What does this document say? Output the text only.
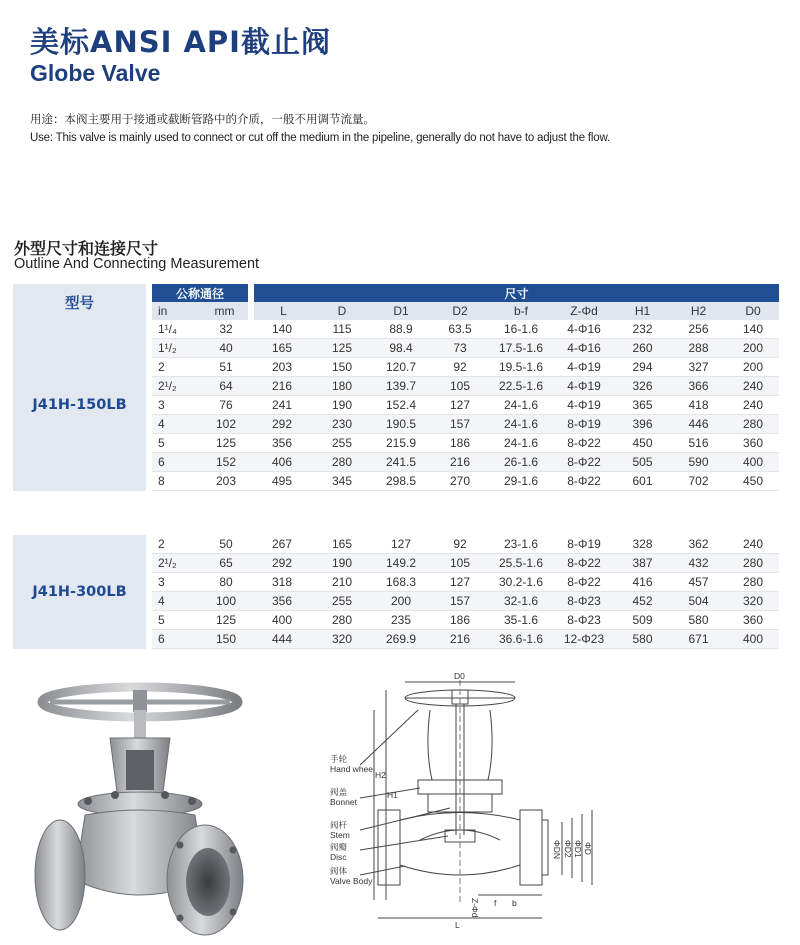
美标ANSI API截止阀
Globe Valve
用途：本阀主要用于接通或截断管路中的介质，一般不用调节流量。
Use: This valve is mainly used to connect or cut off the medium in the pipeline, generally do not have to adjust the flow.
外型尺寸和连接尺寸
Outline And Connecting Measurement
型号	公称通径		尺寸								
	in	mm	L	D	D1	D2	b-f	Z-Φd	H1	H2	D0
J41H-150LB	1¹/₄	32	140	115	88.9	63.5	16-1.6	4-Φ16	232	256	140
	1¹/₂	40	165	125	98.4	73	17.5-1.6	4-Φ16	260	288	200
	2	51	203	150	120.7	92	19.5-1.6	4-Φ19	294	327	200
	2¹/₂	64	216	180	139.7	105	22.5-1.6	4-Φ19	326	366	240
	3	76	241	190	152.4	127	24-1.6	4-Φ19	365	418	240
	4	102	292	230	190.5	157	24-1.6	8-Φ19	396	446	280
	5	125	356	255	215.9	186	24-1.6	8-Φ22	450	516	360
	6	152	406	280	241.5	216	26-1.6	8-Φ22	505	590	400
	8	203	495	345	298.5	270	29-1.6	8-Φ22	601	702	450
J41H-300LB	2	50	267	165	127	92	23-1.6	8-Φ19	328	362	240
	2¹/₂	65	292	190	149.2	105	25.5-1.6	8-Φ22	387	432	280
	3	80	318	210	168.3	127	30.2-1.6	8-Φ22	416	457	280
	4	100	356	255	200	157	32-1.6	8-Φ23	452	504	320
	5	125	400	280	235	186	35-1.6	8-Φ23	509	580	360
	6	150	444	320	269.9	216	36.6-1.6	12-Φ23	580	671	400
手轮
Hand wheel
阀盖
Bonnet
阀杆
Stem
阀瓣
Disc
阀体
Valve Body
D0
H1
H2
L
ΦDN ΦD2 ΦD1 ΦD
Z-Φd f b
